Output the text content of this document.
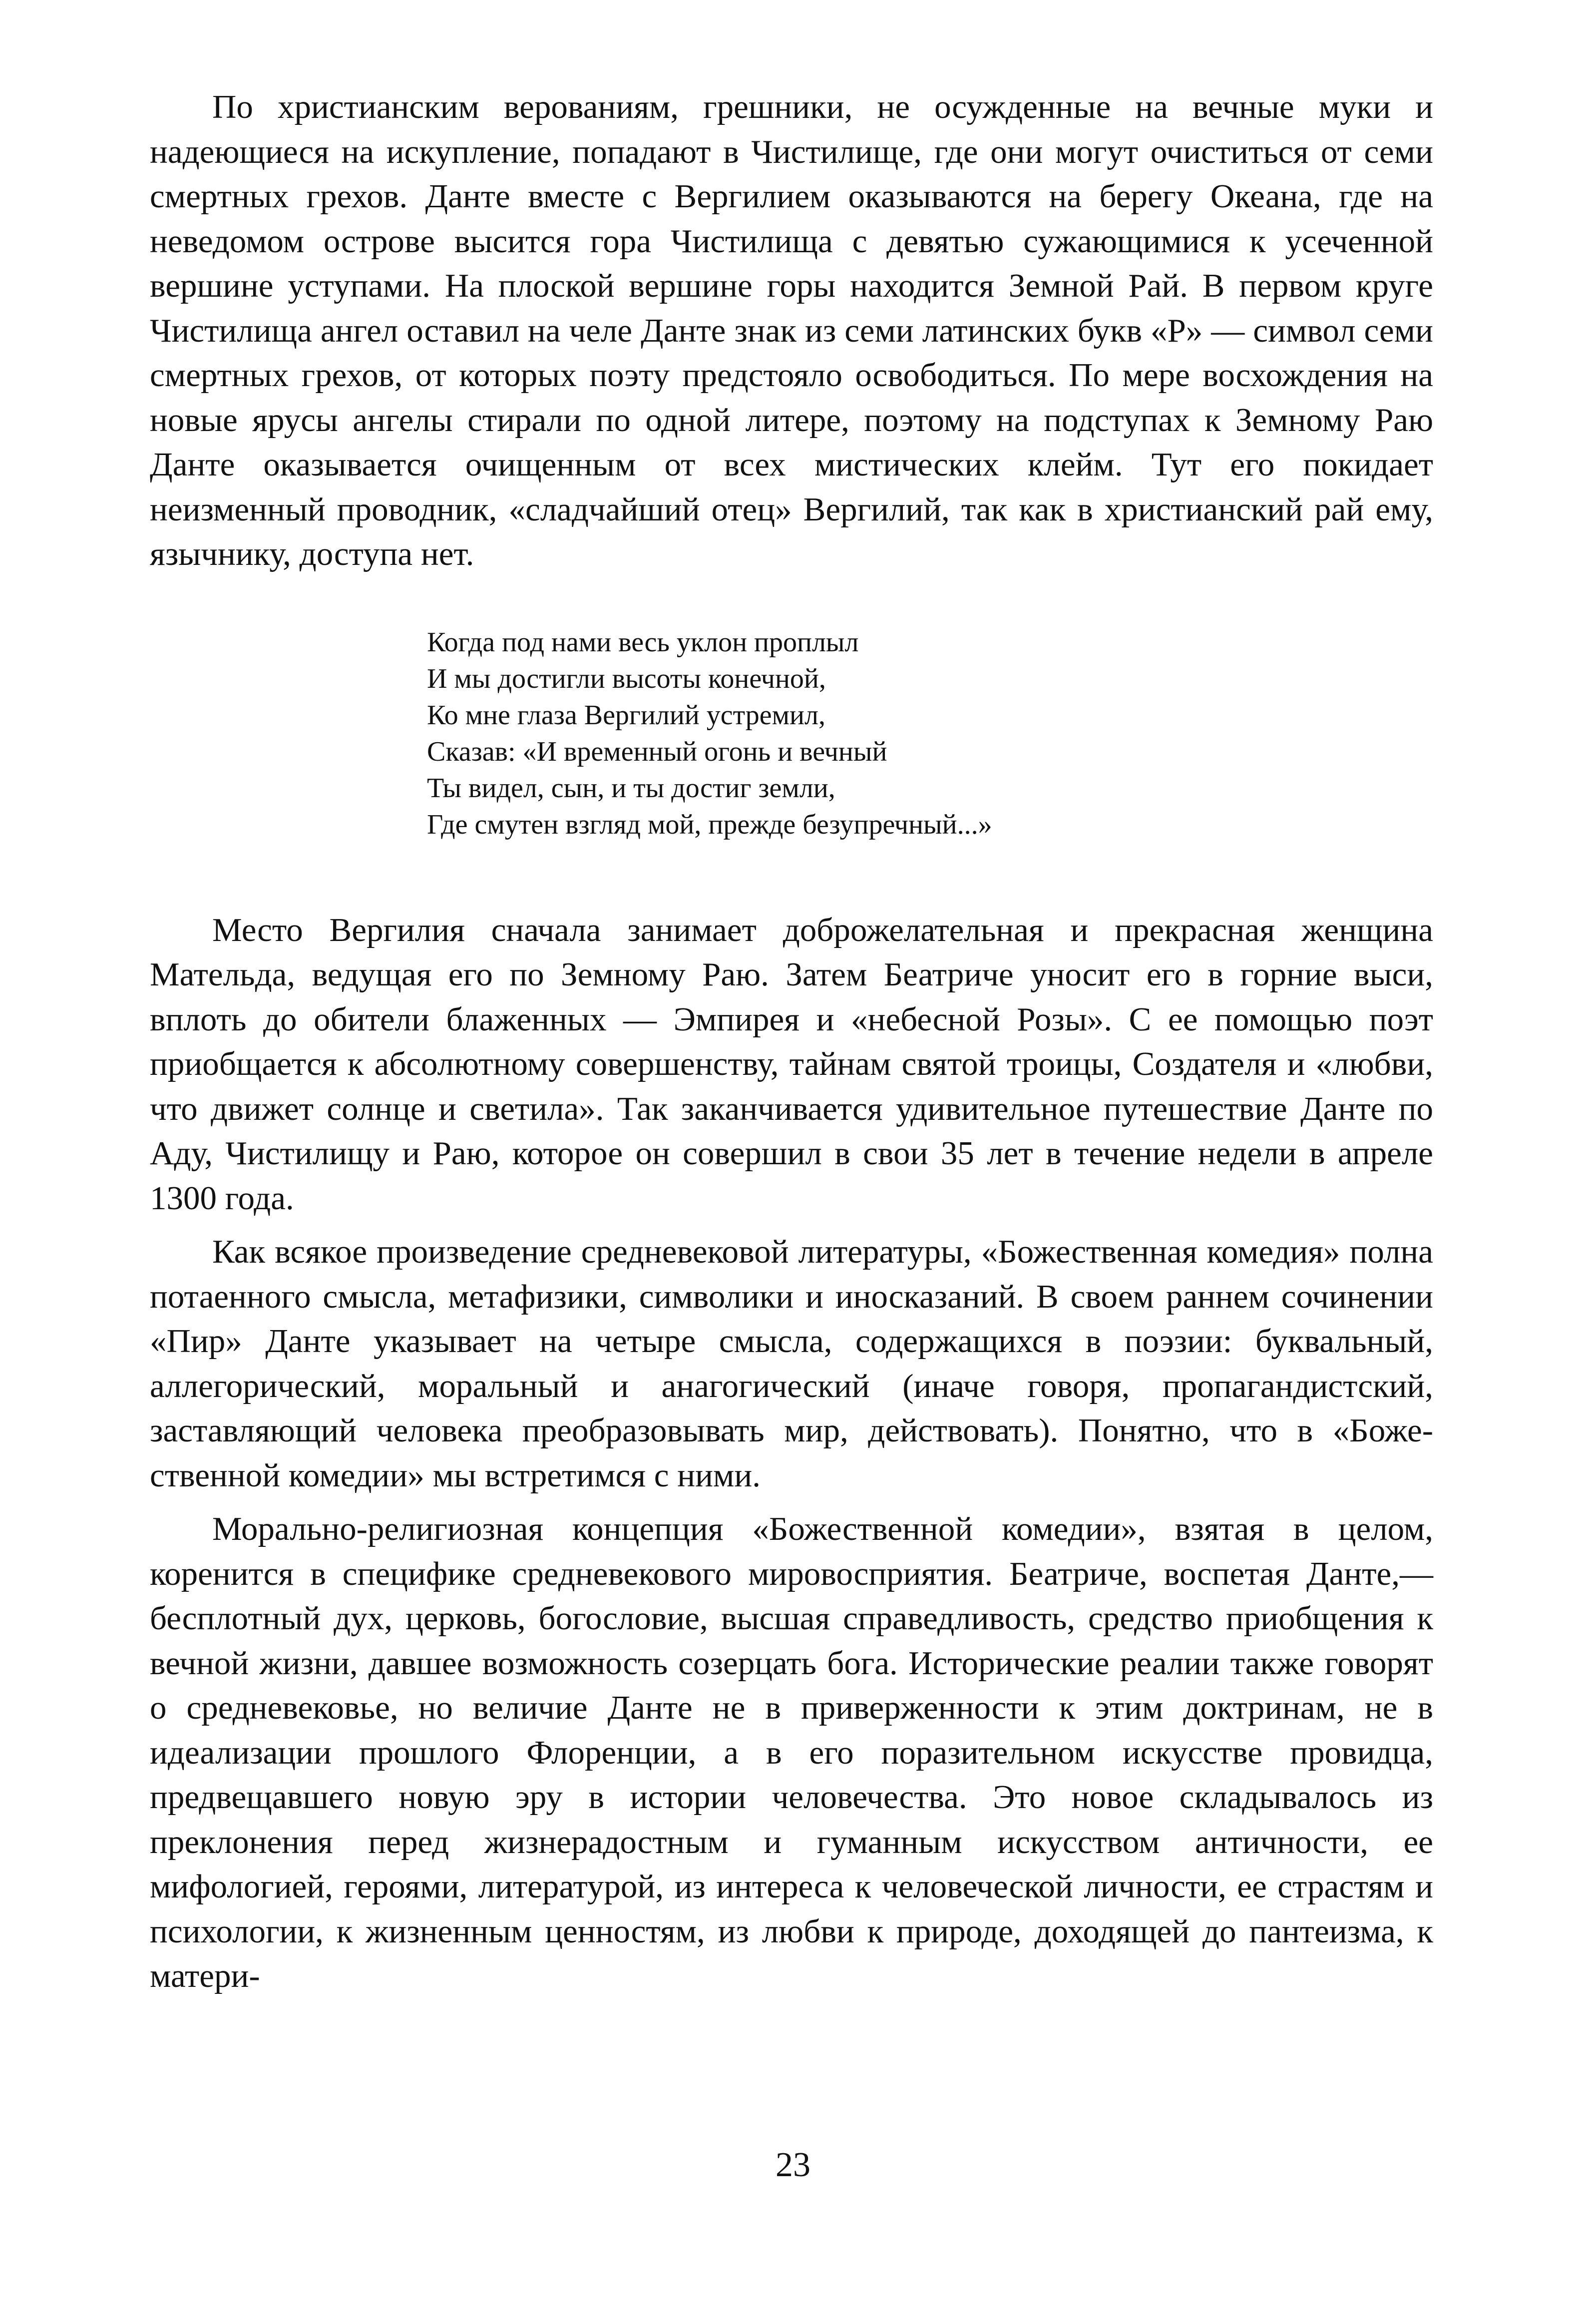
По христианским верованиям, грешники, не осужденные на вечные муки и надеющиеся на искупление, попадают в Чистилище, где они могут очиститься от семи смертных грехов. Данте вместе с Вергилием оказываются на берегу Океана, где на неведомом острове высится гора Чистилища с девятью сужающимися к усеченной вершине уступами. На плоской вершине горы находится Земной Рай. В первом круге Чистилища ангел оставил на челе Данте знак из семи латинских букв «P» — символ семи смертных грехов, от которых поэту предстояло освободиться. По мере восхождения на новые ярусы ангелы стирали по одной литере, поэтому на подступах к Земному Раю Данте оказывается очищенным от всех мистических клейм. Тут его покидает неизменный проводник, «сладчайший отец» Вергилий, так как в христианский рай ему, язычнику, доступа нет.

Когда под нами весь уклон проплыл
И мы достигли высоты конечной,
Ко мне глаза Вергилий устремил,
Сказав: «И временный огонь и вечный
Ты видел, сын, и ты достиг земли,
Где смутен взгляд мой, прежде безупречный...»

Место Вергилия сначала занимает доброжелательная и прекрасная женщина Мательда, ведущая его по Земному Раю. Затем Беатриче уносит его в горние выси, вплоть до обители блаженных — Эмпирея и «небесной Розы». С ее помощью поэт приобщается к абсолютному совершенству, тайнам святой троицы, Создателя и «любви, что движет солнце и светила». Так заканчивается удивительное путешествие Данте по Аду, Чистилищу и Раю, которое он совершил в свои 35 лет в течение недели в апреле 1300 года.

Как всякое произведение средневековой литературы, «Божественная комедия» полна потаенного смысла, метафизики, символики и иносказаний. В своем раннем сочинении «Пир» Данте указывает на четыре смысла, содержащихся в поэзии: буквальный, аллегорический, моральный и анагогический (иначе говоря, пропагандистский, заставляющий человека преобразовывать мир, действовать). Понятно, что в «Божественной комедии» мы встретимся с ними.

Морально-религиозная концепция «Божественной комедии», взятая в целом, коренится в специфике средневекового мировосприятия. Беатриче, воспетая Данте,— бесплотный дух, церковь, богословие, высшая справедливость, средство приобщения к вечной жизни, давшее возможность созерцать бога. Исторические реалии также говорят о средневековье, но величие Данте не в приверженности к этим доктринам, не в идеализации прошлого Флоренции, а в его поразительном искусстве провидца, предвещавшего новую эру в истории человечества. Это новое складывалось из преклонения перед жизнерадостным и гуманным искусством античности, ее мифологией, героями, литературой, из интереса к человеческой личности, ее страстям и психологии, к жизненным ценностям, из любви к природе, доходящей до пантеизма, к матери-

23
